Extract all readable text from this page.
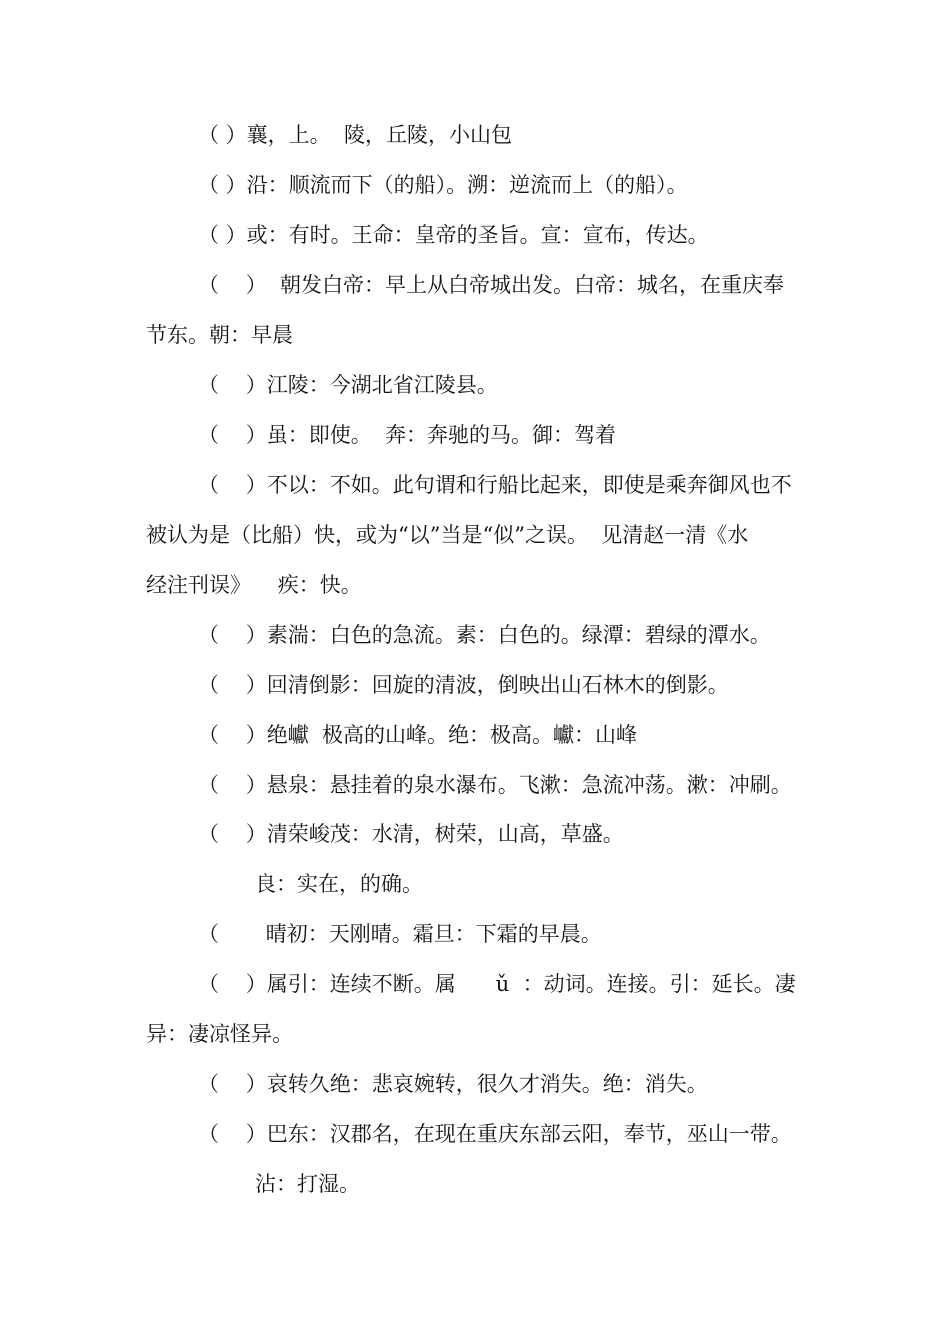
（ ）襄，上。  陵，丘陵，小山包

（ ）沿：顺流而下（的船）。溯：逆流而上（的船）。

（ ）或：有时。王命：皇帝的圣旨。宣：宣布，传达。

（    ）  朝发白帝：早上从白帝城出发。白帝：城名，在重庆奉

节东。朝：早晨

（    ）江陵：今湖北省江陵县。

（    ）虽：即使。  奔：奔驰的马。御：驾着

（    ）不以：不如。此句谓和行船比起来，即使是乘奔御风也不

被认为是（比船）快，或为“以”当是“似”之误。  见清赵一清《水

经注刊误》    疾：快。

（    ）素湍：白色的急流。素：白色的。绿潭：碧绿的潭水。

（    ）回清倒影：回旋的清波，倒映出山石林木的倒影。

（    ）绝巘  极高的山峰。绝：极高。巘：山峰

（    ）悬泉：悬挂着的泉水瀑布。飞漱：急流冲荡。漱：冲刷。

（    ）清荣峻茂：水清，树荣，山高，草盛。

良：实在，的确。

（       晴初：天刚晴。霜旦：下霜的早晨。

（    ）属引：连续不断。属      ǔ  ：动词。连接。引：延长。凄

异：凄凉怪异。

（    ）哀转久绝：悲哀婉转，很久才消失。绝：消失。

（    ）巴东：汉郡名，在现在重庆东部云阳，奉节，巫山一带。

沾：打湿。
